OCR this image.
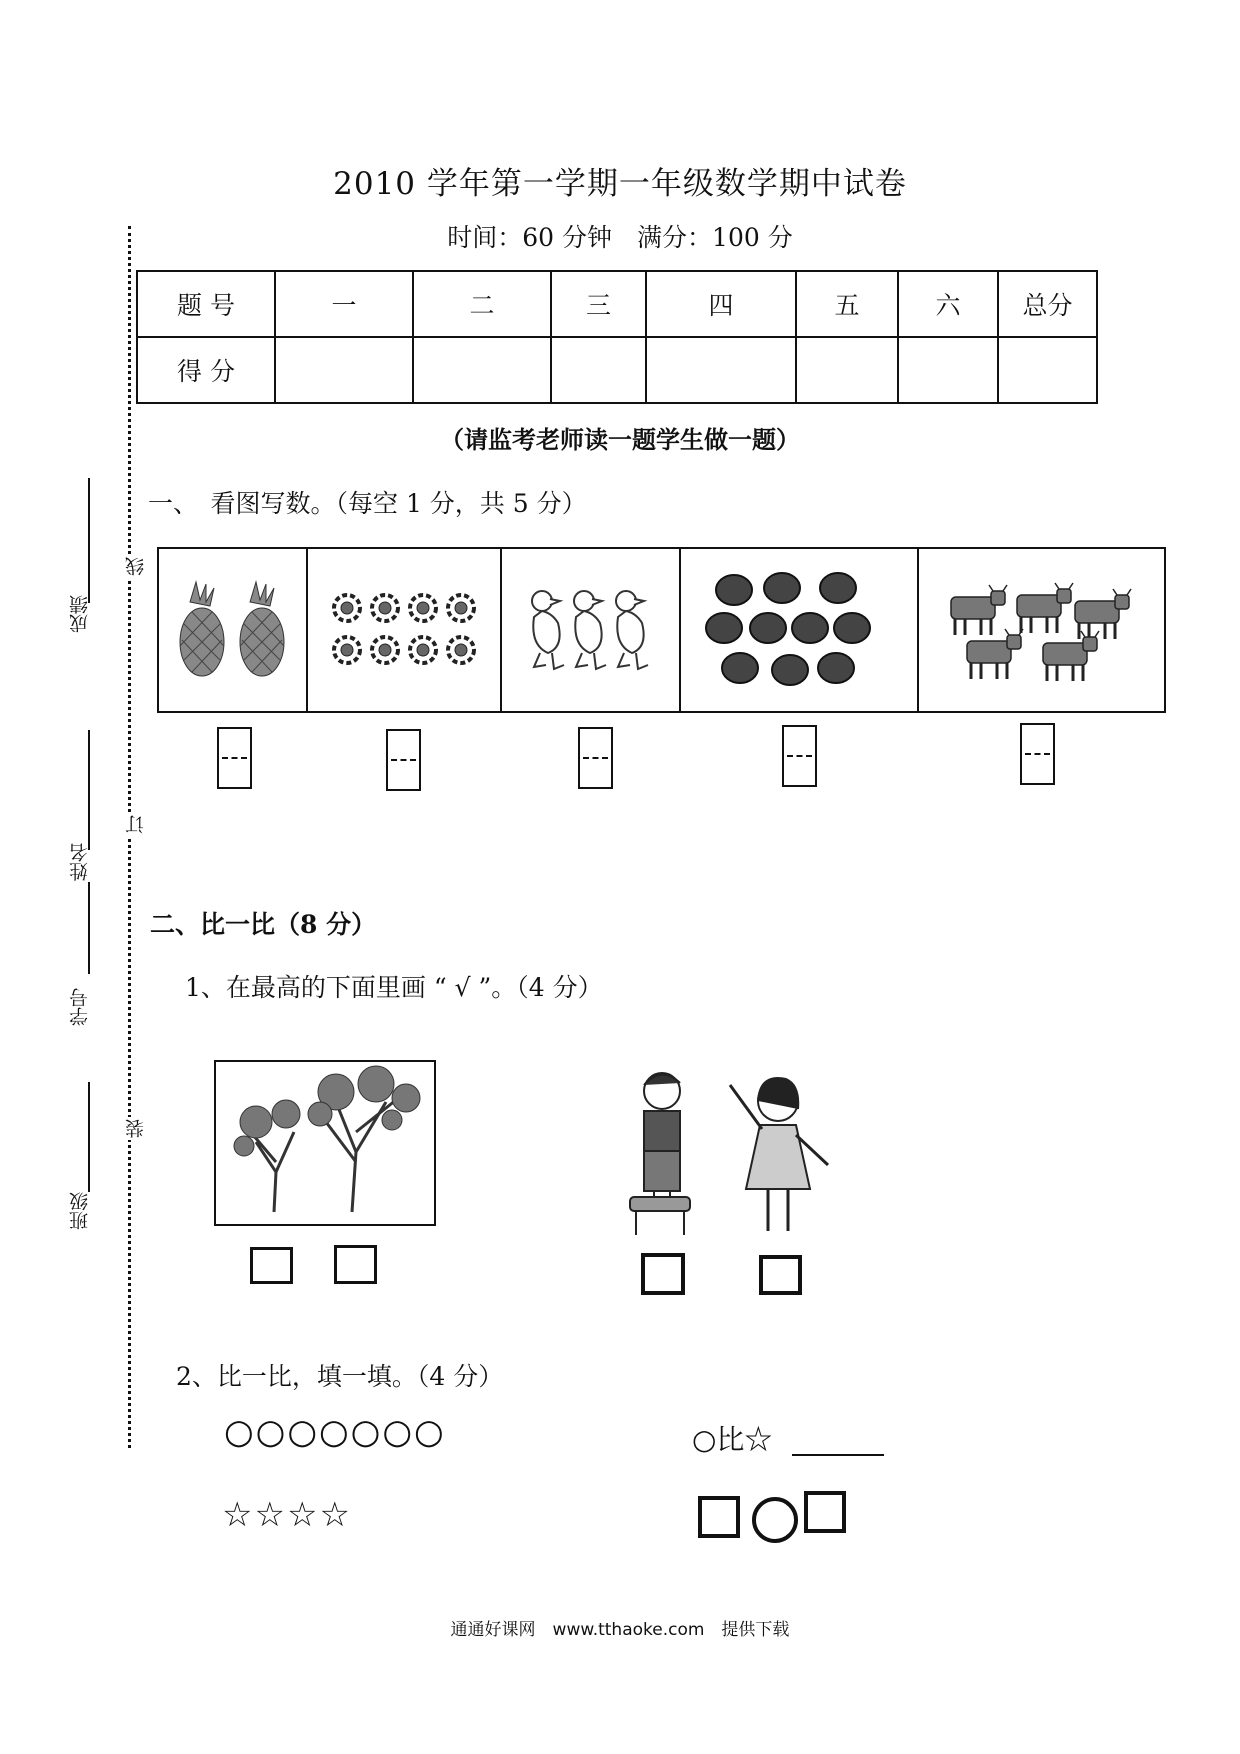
2010 学年第一学期一年级数学期中试卷
时间：60 分钟　满分：100 分
题 号	一	二	三	四	五	六	总分
得 分							
（请监考老师读一题学生做一题）
成绩
姓名
学号
班级
线
订
装
一、　看图写数。（每空 1 分，共 5 分）
二、比一比（8 分）
1、在最高的下面里画 “ √ ”。（4 分）
2、比一比，填一填。（4 分）
○○○○○○○
☆☆☆☆
○比☆
通通好课网　www.tthaoke.com　提供下载
